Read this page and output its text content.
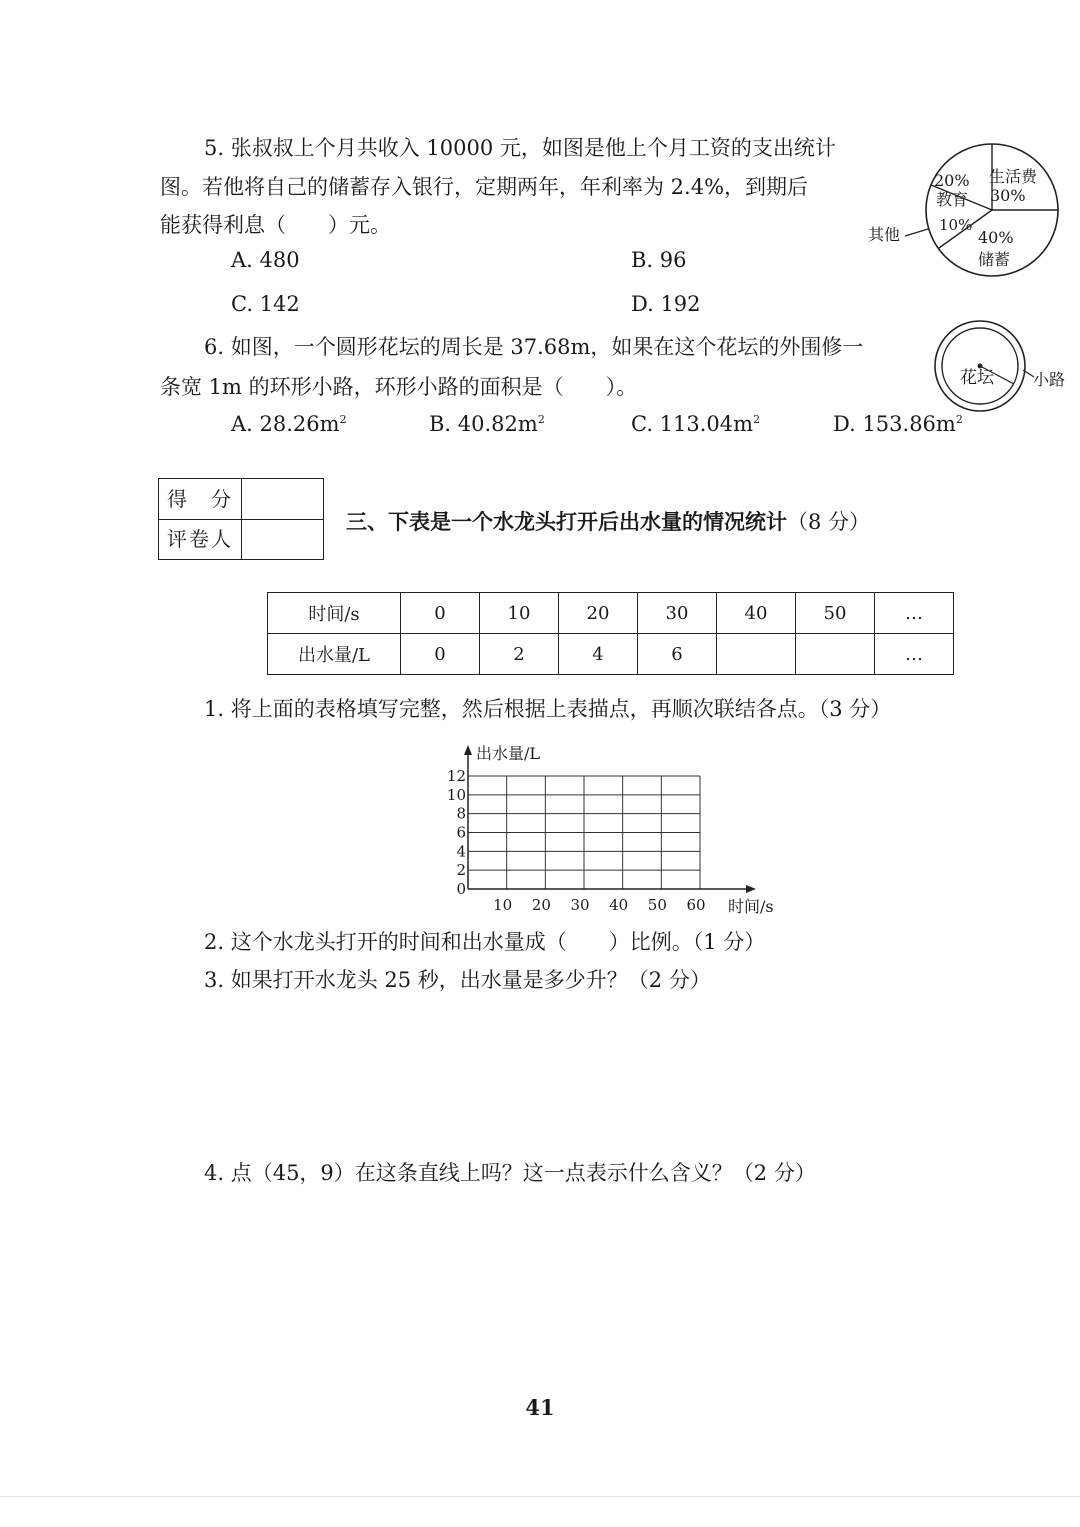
5. 张叔叔上个月共收入 10000 元，如图是他上个月工资的支出统计
图。若他将自己的储蓄存入银行，定期两年，年利率为 2.4%，到期后
能获得利息（　　）元。
A. 480	B. 96
C. 142	D. 192
20%
教育
生活费
30%
10%
40%
储蓄
其他
6. 如图，一个圆形花坛的周长是 37.68m，如果在这个花坛的外围修一
条宽 1m 的环形小路，环形小路的面积是（　　）。
A. $28.26m^2$	B. $40.82m^2$	C. $113.04m^2$	D. $153.86m^2$
花坛 小路
得　分
评卷人
三、下表是一个水龙头打开后出水量的情况统计（8 分）
时间/s	0	10	20	30	40	50	…
出水量/L	0	2	4	6			…
1. 将上面的表格填写完整，然后根据上表描点，再顺次联结各点。（3 分）
0
2
4
6
8
10
12
10 20 30 40 50 60
出水量/L
时间/s
2. 这个水龙头打开的时间和出水量成（　　）比例。（1 分）
3. 如果打开水龙头 25 秒，出水量是多少升？（2 分）
4. 点（45，9）在这条直线上吗？这一点表示什么含义？（2 分）
41
